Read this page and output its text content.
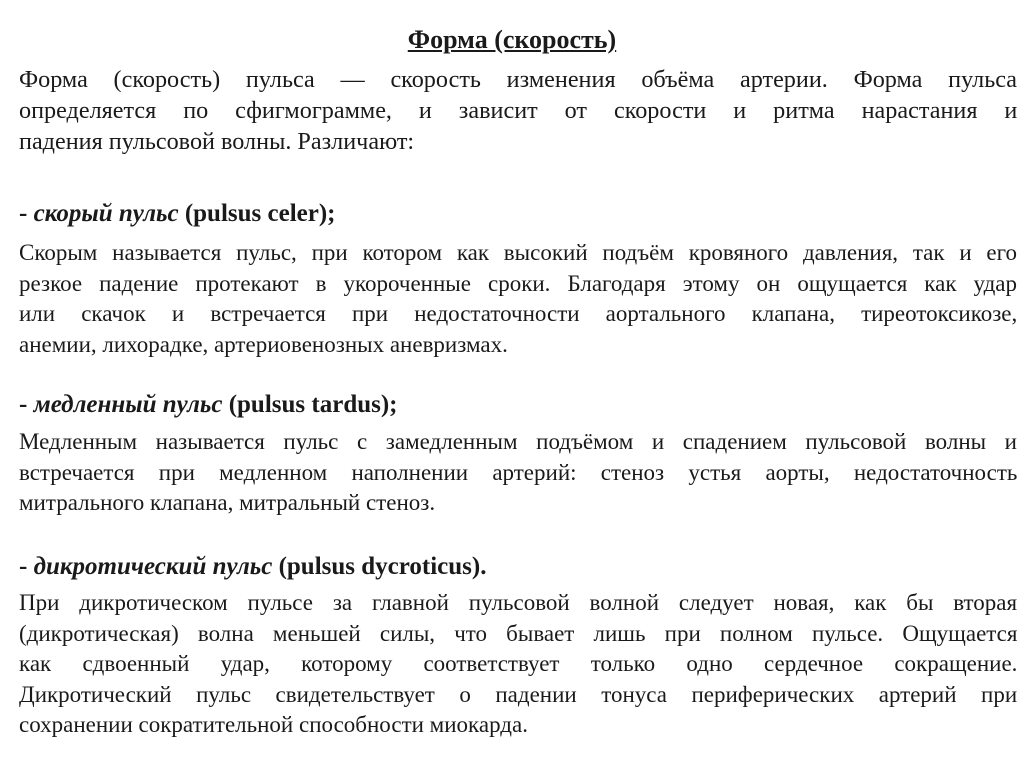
Форма (скорость)
Форма (скорость) пульса — скорость изменения объёма артерии. Форма пульса
определяется по сфигмограмме, и зависит от скорости и ритма нарастания и
падения пульсовой волны. Различают:
- скорый пульс (pulsus celer);
Скорым называется пульс, при котором как высокий подъём кровяного давления, так и его
резкое падение протекают в укороченные сроки. Благодаря этому он ощущается как удар
или скачок и встречается при недостаточности аортального клапана, тиреотоксикозе,
анемии, лихорадке, артериовенозных аневризмах.
- медленный пульс (pulsus tardus);
Медленным называется пульс с замедленным подъёмом и спадением пульсовой волны и
встречается при медленном наполнении артерий: стеноз устья аорты, недостаточность
митрального клапана, митральный стеноз.
- дикротический пульс (pulsus dycroticus).
При дикротическом пульсе за главной пульсовой волной следует новая, как бы вторая
(дикротическая) волна меньшей силы, что бывает лишь при полном пульсе. Ощущается
как сдвоенный удар, которому соответствует только одно сердечное сокращение.
Дикротический пульс свидетельствует о падении тонуса периферических артерий при
сохранении сократительной способности миокарда.
